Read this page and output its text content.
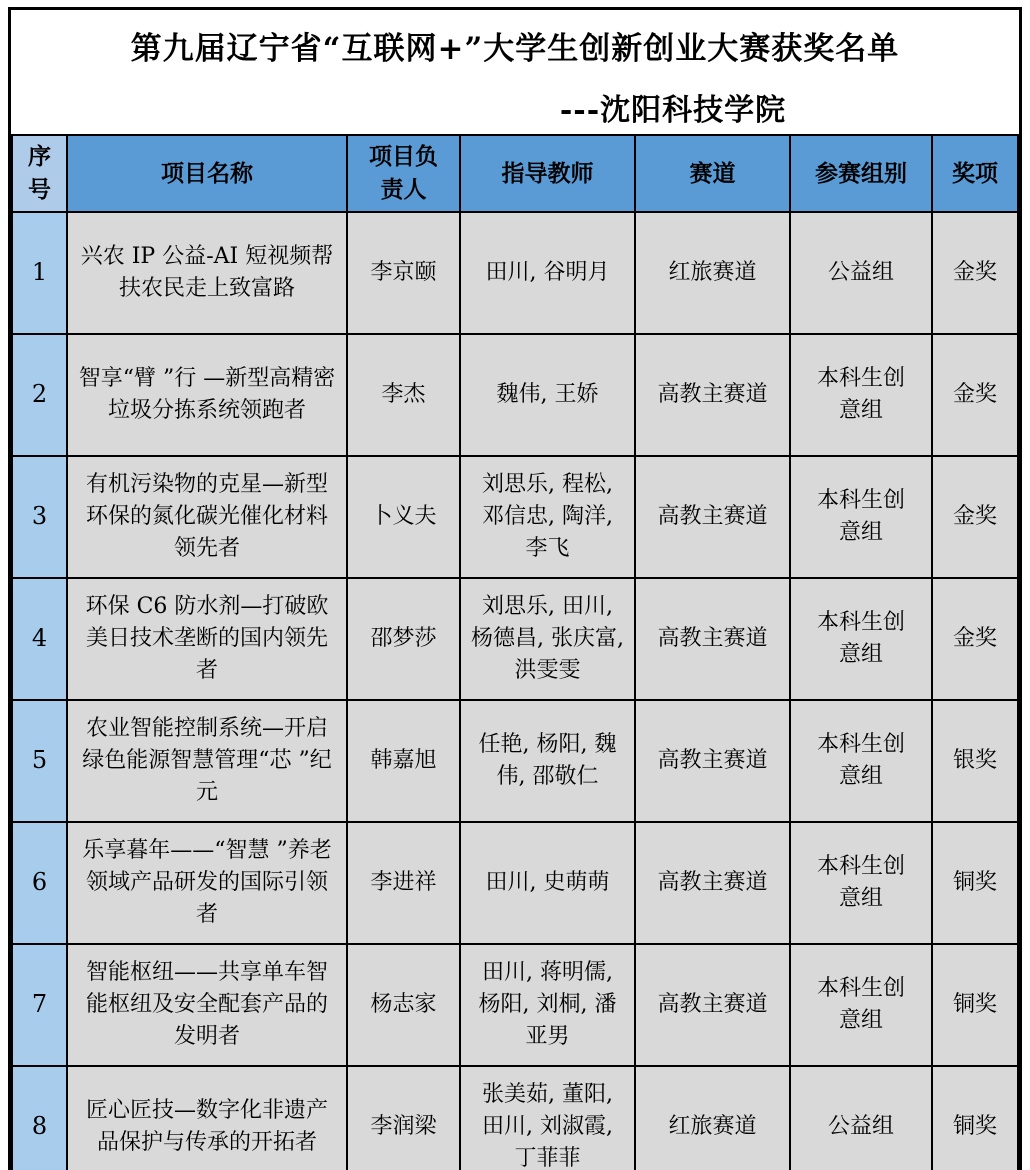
第九届辽宁省“互联网+”大学生创新创业大赛获奖名单
---沈阳科技学院
序号	项目名称	项目负责人	指导教师	赛道	参赛组别	奖项
1	兴农 IP 公益-AI 短视频帮扶农民走上致富路	李京颐	田川, 谷明月	红旅赛道	公益组	金奖
2	智享“臂 ”行 —新型高精密垃圾分拣系统领跑者	李杰	魏伟, 王娇	高教主赛道	本科生创意组	金奖
3	有机污染物的克星—新型环保的氮化碳光催化材料领先者	卜义夫	刘思乐, 程松, 邓信忠, 陶洋, 李飞	高教主赛道	本科生创意组	金奖
4	环保 C6 防水剂—打破欧美日技术垄断的国内领先者	邵梦莎	刘思乐, 田川, 杨德昌, 张庆富, 洪雯雯	高教主赛道	本科生创意组	金奖
5	农业智能控制系统—开启绿色能源智慧管理“芯 ”纪元	韩嘉旭	任艳, 杨阳, 魏伟, 邵敬仁	高教主赛道	本科生创意组	银奖
6	乐享暮年——“智慧 ”养老领域产品研发的国际引领者	李进祥	田川, 史萌萌	高教主赛道	本科生创意组	铜奖
7	智能枢纽——共享单车智能枢纽及安全配套产品的发明者	杨志家	田川, 蒋明儒, 杨阳, 刘桐, 潘亚男	高教主赛道	本科生创意组	铜奖
8	匠心匠技—数字化非遗产品保护与传承的开拓者	李润梁	张美茹, 董阳, 田川, 刘淑霞, 丁菲菲	红旅赛道	公益组	铜奖
